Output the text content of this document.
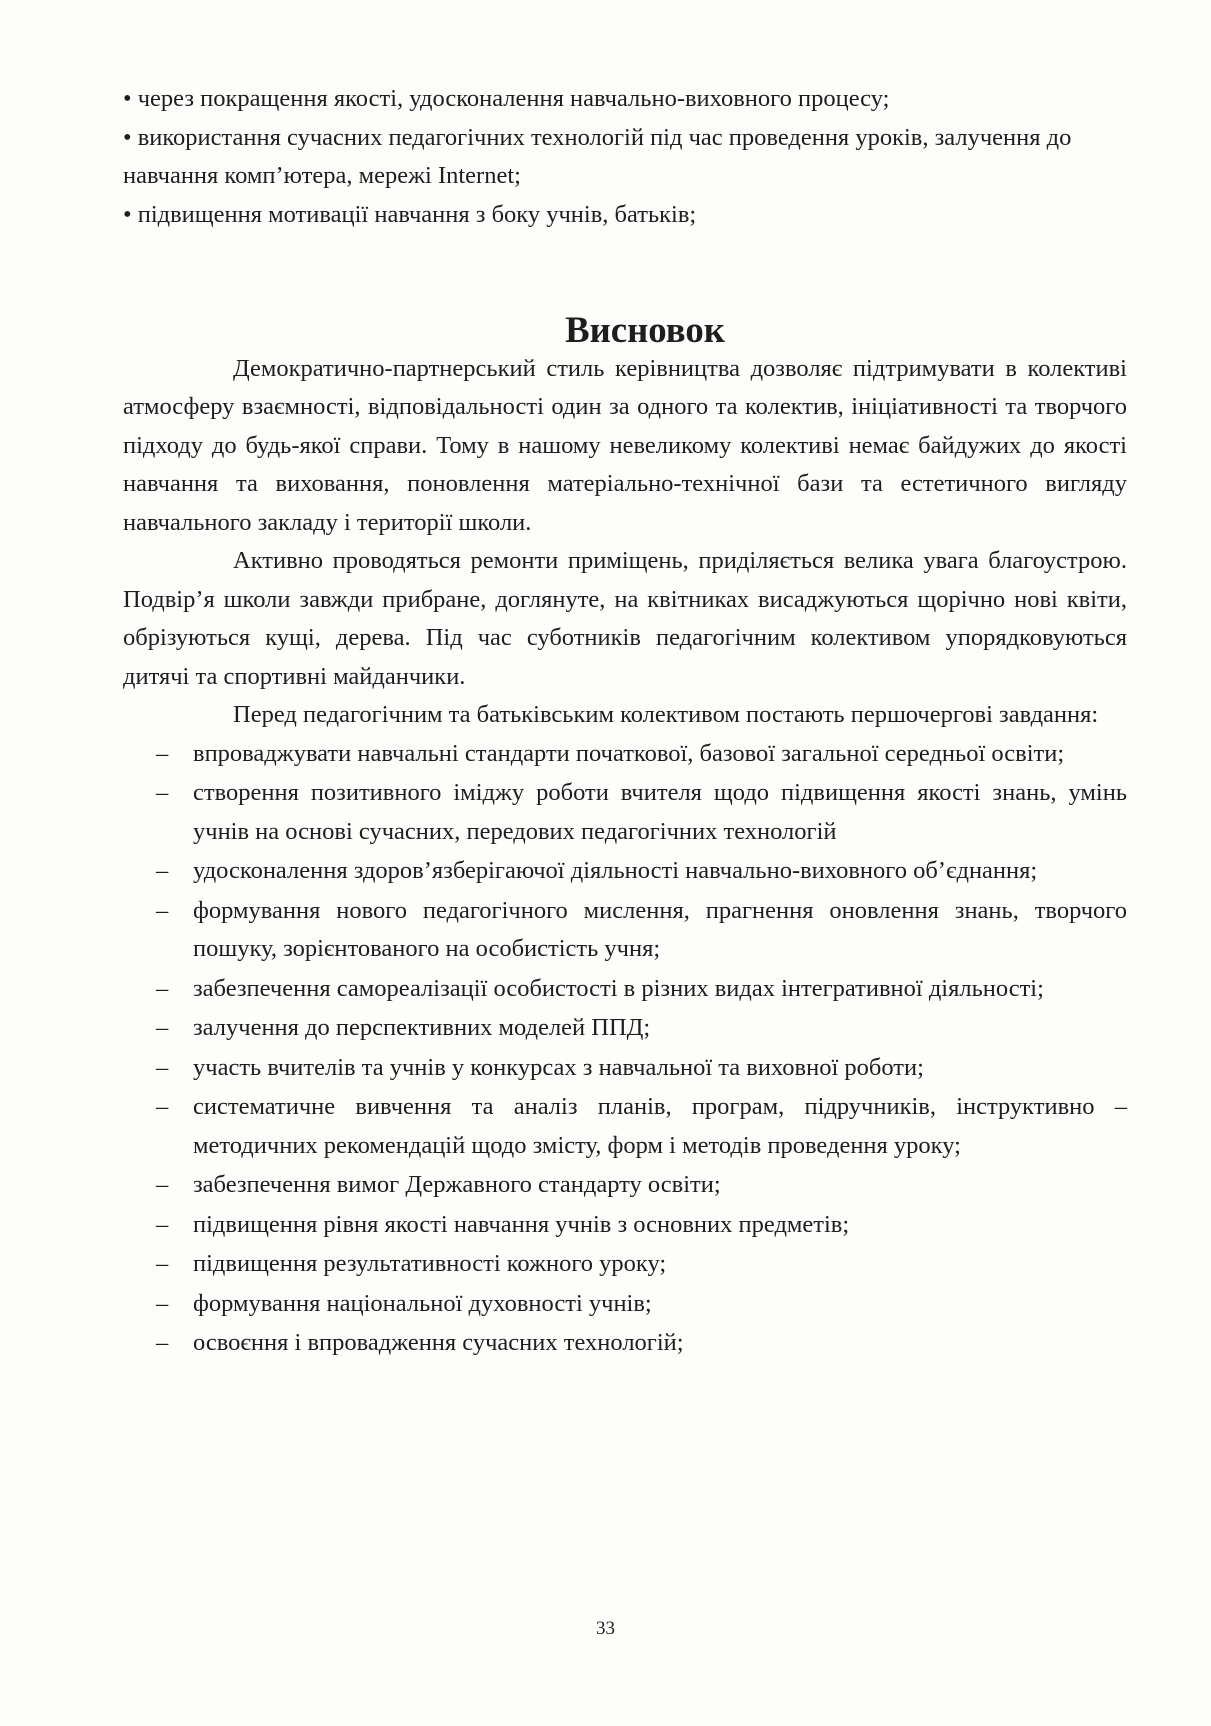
• через покращення якості, удосконалення навчально-виховного процесу;

• використання сучасних педагогічних технологій під час проведення уроків, залучення до навчання комп’ютера, мережі Internet;

• підвищення мотивації навчання з боку учнів, батьків;

Висновок

Демократично-партнерський стиль керівництва дозволяє підтримувати в колективі атмосферу взаємності, відповідальності один за одного та колектив, ініціативності та творчого підходу до будь-якої справи. Тому в нашому невеликому колективі немає байдужих до якості навчання та виховання, поновлення матеріально-технічної бази та естетичного вигляду навчального закладу і території школи.

Активно проводяться ремонти приміщень, приділяється велика увага благоустрою. Подвір’я школи завжди прибране, доглянуте, на квітниках висаджуються щорічно нові квіти, обрізуються кущі, дерева. Під час суботників педагогічним колективом упорядковуються дитячі та спортивні майданчики.

Перед педагогічним та батьківським колективом постають першочергові завдання:

– впроваджувати навчальні стандарти початкової, базової загальної середньої освіти;
– створення позитивного іміджу роботи вчителя щодо підвищення якості знань, умінь учнів на основі сучасних, передових педагогічних технологій
– удосконалення здоров’язберігаючої діяльності навчально-виховного об’єднання;
– формування нового педагогічного мислення, прагнення оновлення знань, творчого пошуку, зорієнтованого на особистість учня;
– забезпечення самореалізації особистості в різних видах інтегративної діяльності;
– залучення до перспективних моделей ППД;
– участь вчителів та учнів у конкурсах з навчальної та виховної роботи;
– систематичне вивчення та аналіз планів, програм, підручників, інструктивно – методичних рекомендацій щодо змісту, форм і методів проведення уроку;
– забезпечення вимог Державного стандарту освіти;
– підвищення рівня якості навчання учнів з основних предметів;
– підвищення результативності кожного уроку;
– формування національної духовності учнів;
– освоєння і впровадження сучасних технологій;
33
